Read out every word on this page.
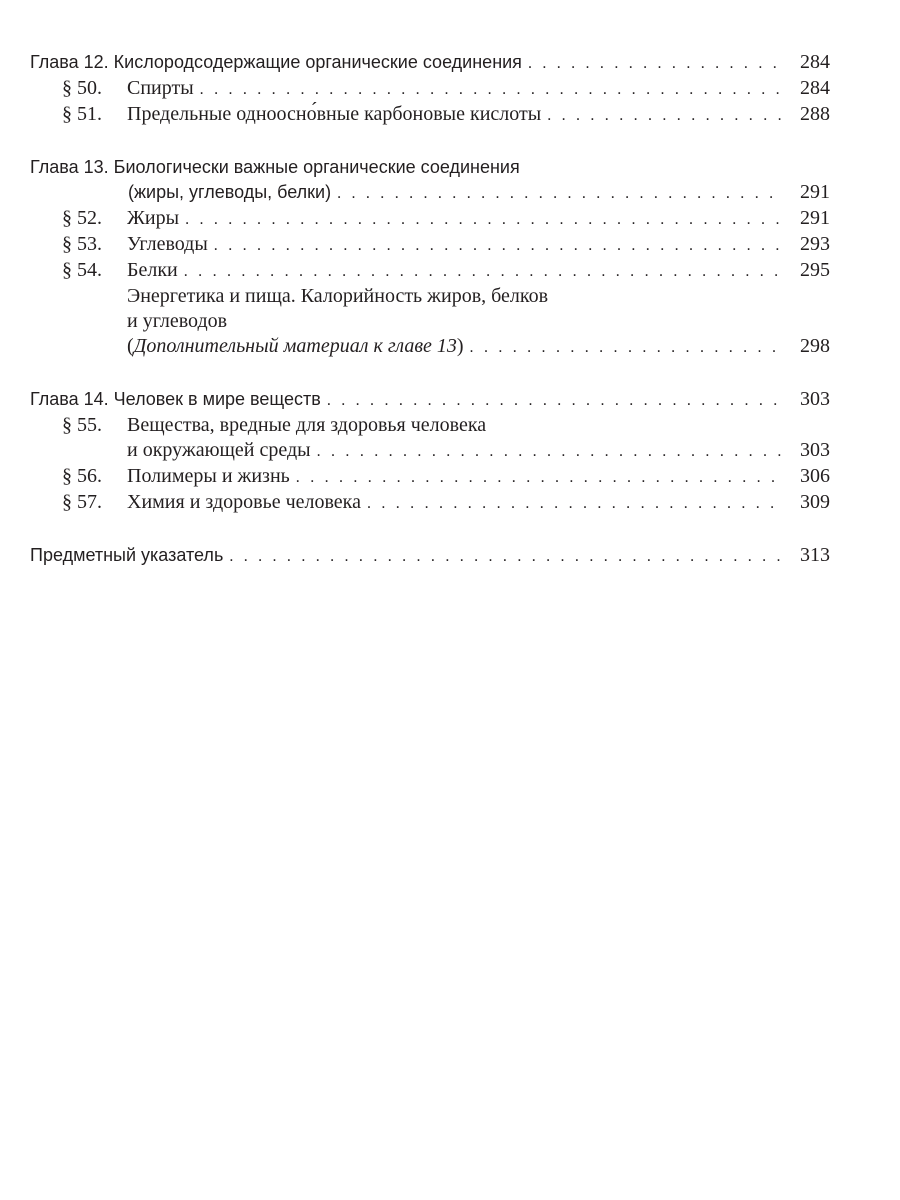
Глава 12. Кислородсодержащие органические соединения . . .	284
§ 50.	Спирты . . .	284
§ 51.	Предельные одноосно́вные карбоновые кислоты . . .	288
Глава 13. Биологически важные органические соединения
(жиры, углеводы, белки) . . .	291
§ 52.	Жиры . . .	291
§ 53.	Углеводы . . .	293
§ 54.	Белки . . .	295
Энергетика и пища. Калорийность жиров, белков
и углеводов
(Дополнительный материал к главе 13) . . .	298
Глава 14. Человек в мире веществ . . .	303
§ 55.	Вещества, вредные для здоровья человека
и окружающей среды . . .	303
§ 56.	Полимеры и жизнь . . .	306
§ 57.	Химия и здоровье человека . . .	309
Предметный указатель . . .	313
